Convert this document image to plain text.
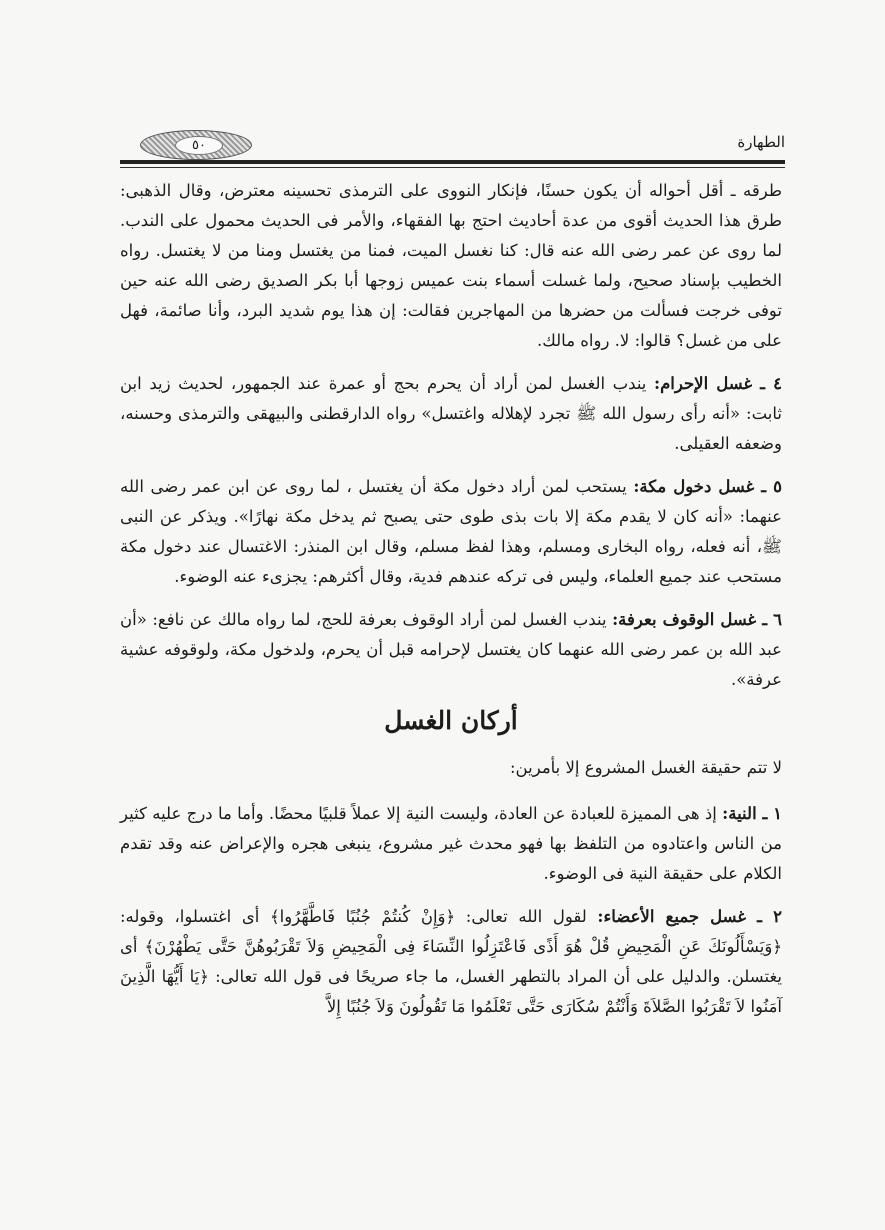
٥٠	الطهارة

طرقه ـ أقل أحواله أن يكون حسنًا، فإنكار النووى على الترمذى تحسينه معترض، وقال الذهبى: طرق هذا الحديث أقوى من عدة أحاديث احتج بها الفقهاء، والأمر فى الحديث محمول على الندب. لما روى عن عمر رضى الله عنه قال: كنا نغسل الميت، فمنا من يغتسل ومنا من لا يغتسل. رواه الخطيب بإسناد صحيح، ولما غسلت أسماء بنت عميس زوجها أبا بكر الصديق رضى الله عنه حين توفى خرجت فسألت من حضرها من المهاجرين فقالت: إن هذا يوم شديد البرد، وأنا صائمة، فهل على من غسل؟ قالوا: لا. رواه مالك.

٤ ـ غسل الإحرام: يندب الغسل لمن أراد أن يحرم بحج أو عمرة عند الجمهور، لحديث زيد ابن ثابت: «أنه رأى رسول الله ﷺ تجرد لإهلاله واغتسل» رواه الدارقطنى والبيهقى والترمذى وحسنه، وضعفه العقيلى.

٥ ـ غسل دخول مكة: يستحب لمن أراد دخول مكة أن يغتسل ، لما روى عن ابن عمر رضى الله عنهما: «أنه كان لا يقدم مكة إلا بات بذى طوى حتى يصبح ثم يدخل مكة نهارًا». ويذكر عن النبى ﷺ، أنه فعله، رواه البخارى ومسلم، وهذا لفظ مسلم، وقال ابن المنذر: الاغتسال عند دخول مكة مستحب عند جميع العلماء، وليس فى تركه عندهم فدية، وقال أكثرهم: يجزىء عنه الوضوء.

٦ ـ غسل الوقوف بعرفة: يندب الغسل لمن أراد الوقوف بعرفة للحج، لما رواه مالك عن نافع: «أن عبد الله بن عمر رضى الله عنهما كان يغتسل لإحرامه قبل أن يحرم، ولدخول مكة، ولوقوفه عشية عرفة».

أركان الغسل

لا تتم حقيقة الغسل المشروع إلا بأمرين:

١ ـ النية: إذ هى المميزة للعبادة عن العادة، وليست النية إلا عملاً قلبيًا محضًا. وأما ما درج عليه كثير من الناس واعتادوه من التلفظ بها فهو محدث غير مشروع، ينبغى هجره والإعراض عنه وقد تقدم الكلام على حقيقة النية فى الوضوء.

٢ ـ غسل جميع الأعضاء: لقول الله تعالى: ﴿وَإِنْ كُنتُمْ جُنُبًا فَاطَّهَّرُوا﴾ أى اغتسلوا، وقوله: ﴿وَيَسْأَلُونَكَ عَنِ الْمَحِيضِ قُلْ هُوَ أَذًى فَاعْتَزِلُوا النِّسَاءَ فِى الْمَحِيضِ وَلاَ تَقْرَبُوهُنَّ حَتَّى يَطْهُرْنَ﴾ أى يغتسلن. والدليل على أن المراد بالتطهر الغسل، ما جاء صريحًا فى قول الله تعالى: ﴿يَا أَيُّهَا الَّذِينَ آمَنُوا لاَ تَقْرَبُوا الصَّلاَةَ وَأَنْتُمْ سُكَارَى حَتَّى تَعْلَمُوا مَا تَقُولُونَ وَلاَ جُنُبًا إِلاَّ
